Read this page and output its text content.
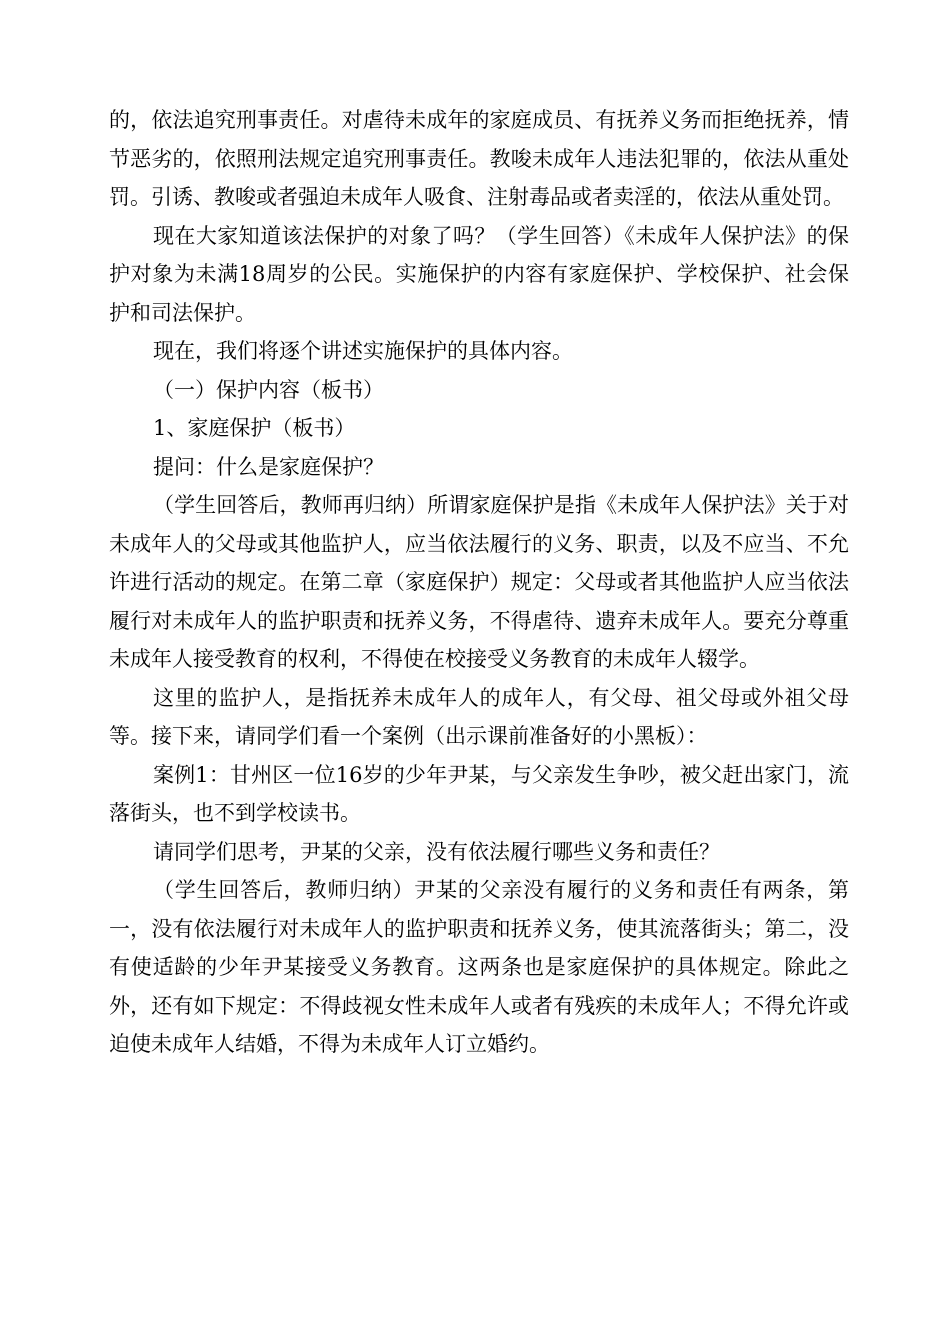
的，依法追究刑事责任。对虐待未成年的家庭成员、有抚养义务而拒绝抚养，情节恶劣的，依照刑法规定追究刑事责任。教唆未成年人违法犯罪的，依法从重处罚。引诱、教唆或者强迫未成年人吸食、注射毒品或者卖淫的，依法从重处罚。

现在大家知道该法保护的对象了吗？（学生回答）《未成年人保护法》的保护对象为未满18周岁的公民。实施保护的内容有家庭保护、学校保护、社会保护和司法保护。

现在，我们将逐个讲述实施保护的具体内容。

（一）保护内容（板书）

1、家庭保护（板书）

提问：什么是家庭保护？

（学生回答后，教师再归纳）所谓家庭保护是指《未成年人保护法》关于对未成年人的父母或其他监护人，应当依法履行的义务、职责，以及不应当、不允许进行活动的规定。在第二章（家庭保护）规定：父母或者其他监护人应当依法履行对未成年人的监护职责和抚养义务，不得虐待、遗弃未成年人。要充分尊重未成年人接受教育的权利，不得使在校接受义务教育的未成年人辍学。

这里的监护人，是指抚养未成年人的成年人，有父母、祖父母或外祖父母等。接下来，请同学们看一个案例（出示课前准备好的小黑板）：

案例1：甘州区一位16岁的少年尹某，与父亲发生争吵，被父赶出家门，流落街头，也不到学校读书。

请同学们思考，尹某的父亲，没有依法履行哪些义务和责任？

（学生回答后，教师归纳）尹某的父亲没有履行的义务和责任有两条，第一，没有依法履行对未成年人的监护职责和抚养义务，使其流落街头；第二，没有使适龄的少年尹某接受义务教育。这两条也是家庭保护的具体规定。除此之外，还有如下规定：不得歧视女性未成年人或者有残疾的未成年人；不得允许或迫使未成年人结婚，不得为未成年人订立婚约。
